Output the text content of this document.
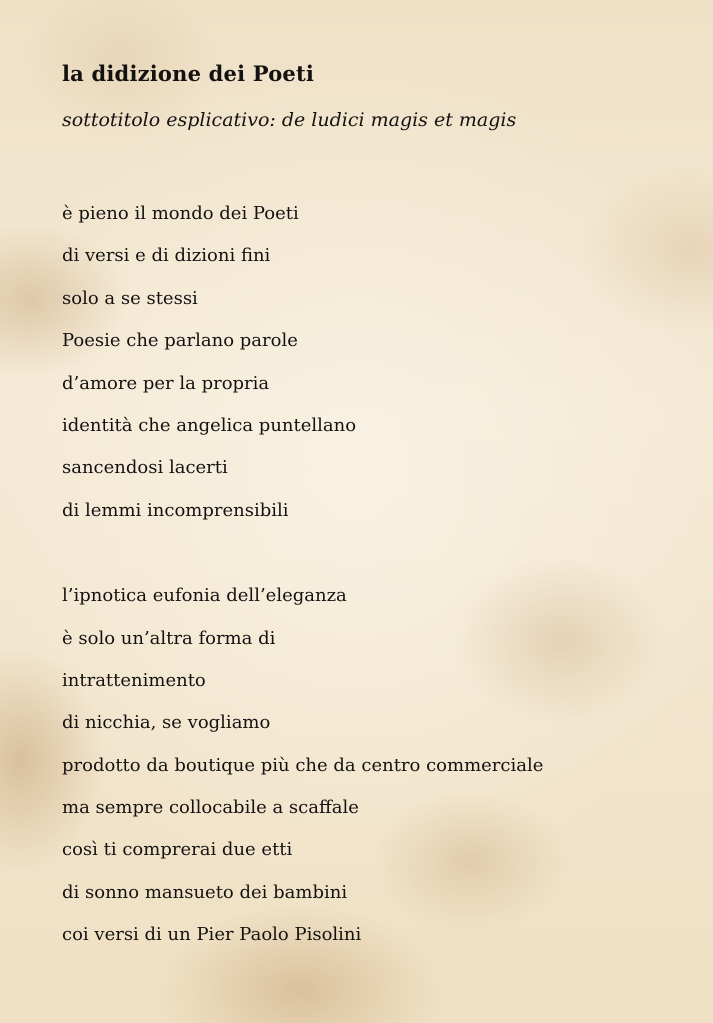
la didizione dei Poeti

sottotitolo esplicativo: de ludici magis et magis

è pieno il mondo dei Poeti
di versi e di dizioni fini
solo a se stessi
Poesie che parlano parole
d’amore per la propria
identità che angelica puntellano
sancendosi lacerti
di lemmi incomprensibili
l’ipnotica eufonia dell’eleganza
è solo un’altra forma di
intrattenimento
di nicchia, se vogliamo
prodotto da boutique più che da centro commerciale
ma sempre collocabile a scaffale
così ti comprerai due etti
di sonno mansueto dei bambini
coi versi di un Pier Paolo Pisolini
